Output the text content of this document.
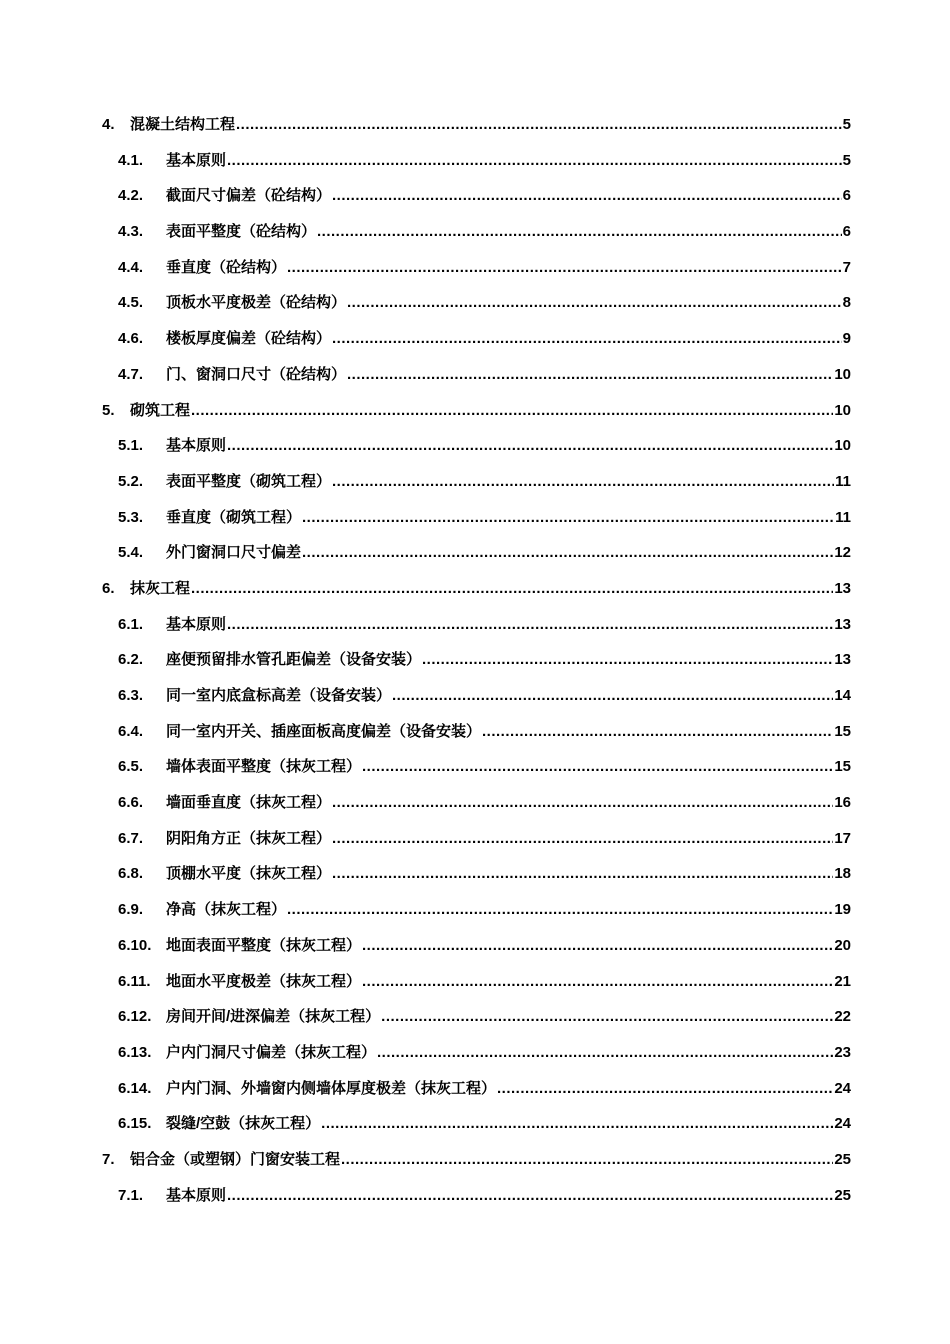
4.	混凝土结构工程 .....	5
4.1.	基本原则 .....	5
4.2.	截面尺寸偏差（砼结构） .....	6
4.3.	表面平整度（砼结构） .....	6
4.4.	垂直度（砼结构） .....	7
4.5.	顶板水平度极差（砼结构） .....	8
4.6.	楼板厚度偏差（砼结构） .....	9
4.7.	门、窗洞口尺寸（砼结构） .....	10
5.	砌筑工程 .....	10
5.1.	基本原则 .....	10
5.2.	表面平整度（砌筑工程） .....	11
5.3.	垂直度（砌筑工程） .....	11
5.4.	外门窗洞口尺寸偏差 .....	12
6.	抹灰工程 .....	13
6.1.	基本原则 .....	13
6.2.	座便预留排水管孔距偏差（设备安装） .....	13
6.3.	同一室内底盒标高差（设备安装） .....	14
6.4.	同一室内开关、插座面板高度偏差（设备安装） .....	15
6.5.	墙体表面平整度（抹灰工程） .....	15
6.6.	墙面垂直度（抹灰工程） .....	16
6.7.	阴阳角方正（抹灰工程） .....	17
6.8.	顶棚水平度（抹灰工程） .....	18
6.9.	净高（抹灰工程） .....	19
6.10. 地面表面平整度（抹灰工程） .....	20
6.11.	地面水平度极差（抹灰工程） .....	21
6.12. 房间开间/进深偏差（抹灰工程） .....	22
6.13. 户内门洞尺寸偏差（抹灰工程） .....	23
6.14. 户内门洞、外墙窗内侧墙体厚度极差（抹灰工程） .....	24
6.15. 裂缝/空鼓（抹灰工程） .....	24
7.	铝合金（或塑钢）门窗安装工程 .....	25
7.1.	基本原则 .....	25
